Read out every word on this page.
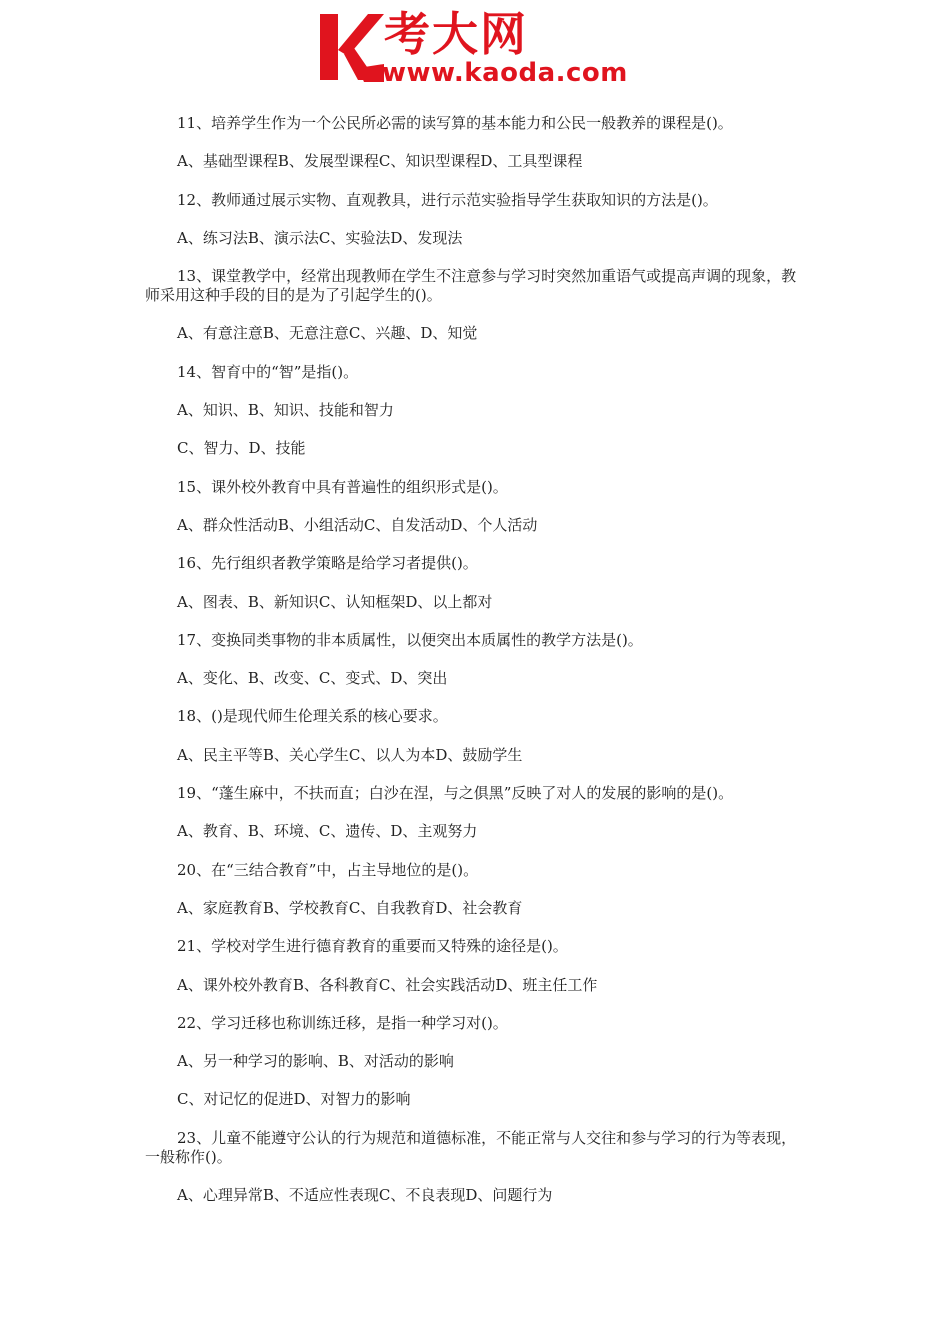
考大网
www.kaoda.com

11、培养学生作为一个公民所必需的读写算的基本能力和公民一般教养的课程是()。

A、基础型课程B、发展型课程C、知识型课程D、工具型课程

12、教师通过展示实物、直观教具，进行示范实验指导学生获取知识的方法是()。

A、练习法B、演示法C、实验法D、发现法

13、课堂教学中，经常出现教师在学生不注意参与学习时突然加重语气或提高声调的现象，教师采用这种手段的目的是为了引起学生的()。

A、有意注意B、无意注意C、兴趣、D、知觉

14、智育中的“智”是指()。

A、知识、B、知识、技能和智力

C、智力、D、技能

15、课外校外教育中具有普遍性的组织形式是()。

A、群众性活动B、小组活动C、自发活动D、个人活动

16、先行组织者教学策略是给学习者提供()。

A、图表、B、新知识C、认知框架D、以上都对

17、变换同类事物的非本质属性，以便突出本质属性的教学方法是()。

A、变化、B、改变、C、变式、D、突出

18、()是现代师生伦理关系的核心要求。

A、民主平等B、关心学生C、以人为本D、鼓励学生

19、“蓬生麻中，不扶而直；白沙在涅，与之俱黑”反映了对人的发展的影响的是()。

A、教育、B、环境、C、遗传、D、主观努力

20、在“三结合教育”中，占主导地位的是()。

A、家庭教育B、学校教育C、自我教育D、社会教育

21、学校对学生进行德育教育的重要而又特殊的途径是()。

A、课外校外教育B、各科教育C、社会实践活动D、班主任工作

22、学习迁移也称训练迁移，是指一种学习对()。

A、另一种学习的影响、B、对活动的影响

C、对记忆的促进D、对智力的影响

23、儿童不能遵守公认的行为规范和道德标准，不能正常与人交往和参与学习的行为等表现，一般称作()。

A、心理异常B、不适应性表现C、不良表现D、问题行为
